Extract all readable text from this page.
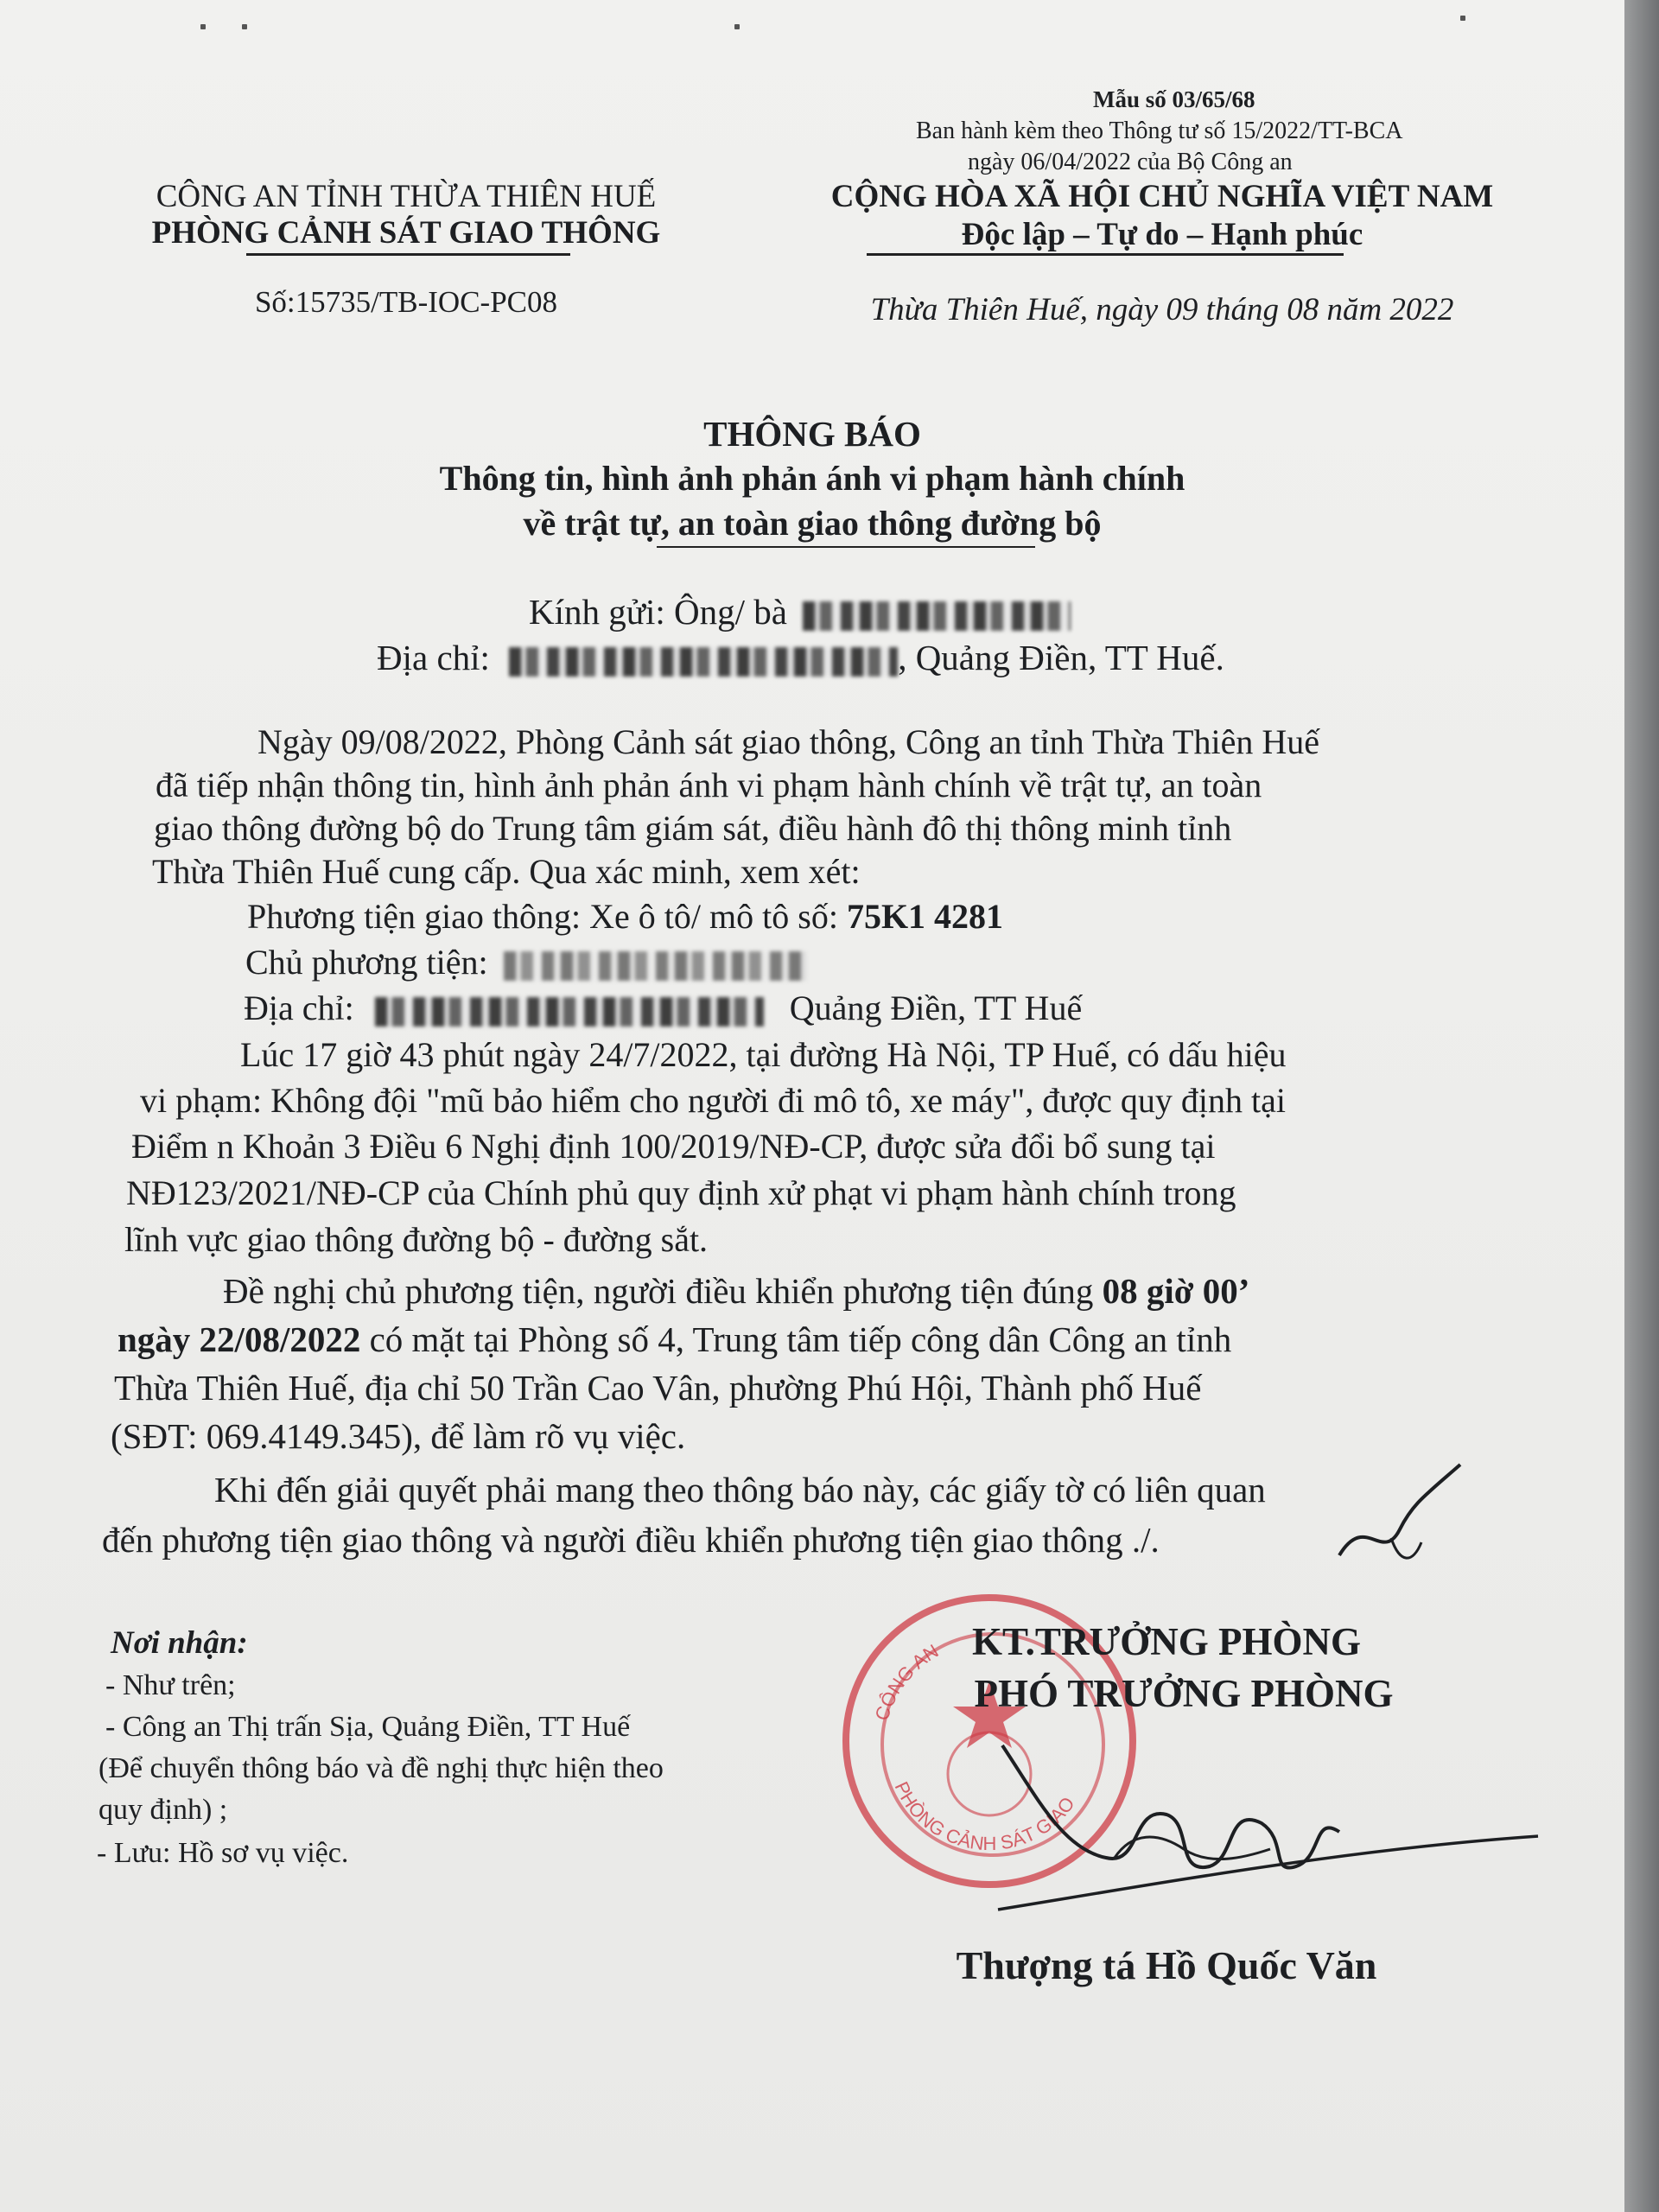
Mẫu số 03/65/68
Ban hành kèm theo Thông tư số 15/2022/TT-BCA
ngày 06/04/2022 của Bộ Công an
CÔNG AN TỈNH THỪA THIÊN HUẾ
PHÒNG CẢNH SÁT GIAO THÔNG
Số:15735/TB-IOC-PC08
CỘNG HÒA XÃ HỘI CHỦ NGHĨA VIỆT NAM
Độc lập – Tự do – Hạnh phúc
Thừa Thiên Huế, ngày 09 tháng 08 năm 2022
THÔNG BÁO
Thông tin, hình ảnh phản ánh vi phạm hành chính
về trật tự, an toàn giao thông đường bộ
Kính gửi: Ông/ bà
Địa chỉ:	, Quảng Điền, TT Huế.
Ngày 09/08/2022, Phòng Cảnh sát giao thông, Công an tỉnh Thừa Thiên Huế
đã tiếp nhận thông tin, hình ảnh phản ánh vi phạm hành chính về trật tự, an toàn
giao thông đường bộ do Trung tâm giám sát, điều hành đô thị thông minh tỉnh
Thừa Thiên Huế cung cấp. Qua xác minh, xem xét:
Phương tiện giao thông: Xe ô tô/ mô tô số: 75K1 4281
Chủ phương tiện:
Địa chỉ:	Quảng Điền, TT Huế
Lúc 17 giờ 43 phút ngày 24/7/2022, tại đường Hà Nội, TP Huế, có dấu hiệu
vi phạm: Không đội "mũ bảo hiểm cho người đi mô tô, xe máy", được quy định tại
Điểm n Khoản 3 Điều 6 Nghị định 100/2019/NĐ-CP, được sửa đổi bổ sung tại
NĐ123/2021/NĐ-CP của Chính phủ quy định xử phạt vi phạm hành chính trong
lĩnh vực giao thông đường bộ - đường sắt.
Đề nghị chủ phương tiện, người điều khiển phương tiện đúng 08 giờ 00’
ngày 22/08/2022 có mặt tại Phòng số 4, Trung tâm tiếp công dân Công an tỉnh
Thừa Thiên Huế, địa chỉ 50 Trần Cao Vân, phường Phú Hội, Thành phố Huế
(SĐT: 069.4149.345), để làm rõ vụ việc.
Khi đến giải quyết phải mang theo thông báo này, các giấy tờ có liên quan
đến phương tiện giao thông và người điều khiển phương tiện giao thông ./.
Nơi nhận:
- Như trên;
- Công an Thị trấn Sịa, Quảng Điền, TT Huế
(Để chuyển thông báo và đề nghị thực hiện theo
quy định) ;
- Lưu: Hồ sơ vụ việc.
CÔNG AN
PHÒNG CẢNH SÁT GIAO
KT.TRƯỞNG PHÒNG
PHÓ TRƯỞNG PHÒNG
Thượng tá Hồ Quốc Văn
